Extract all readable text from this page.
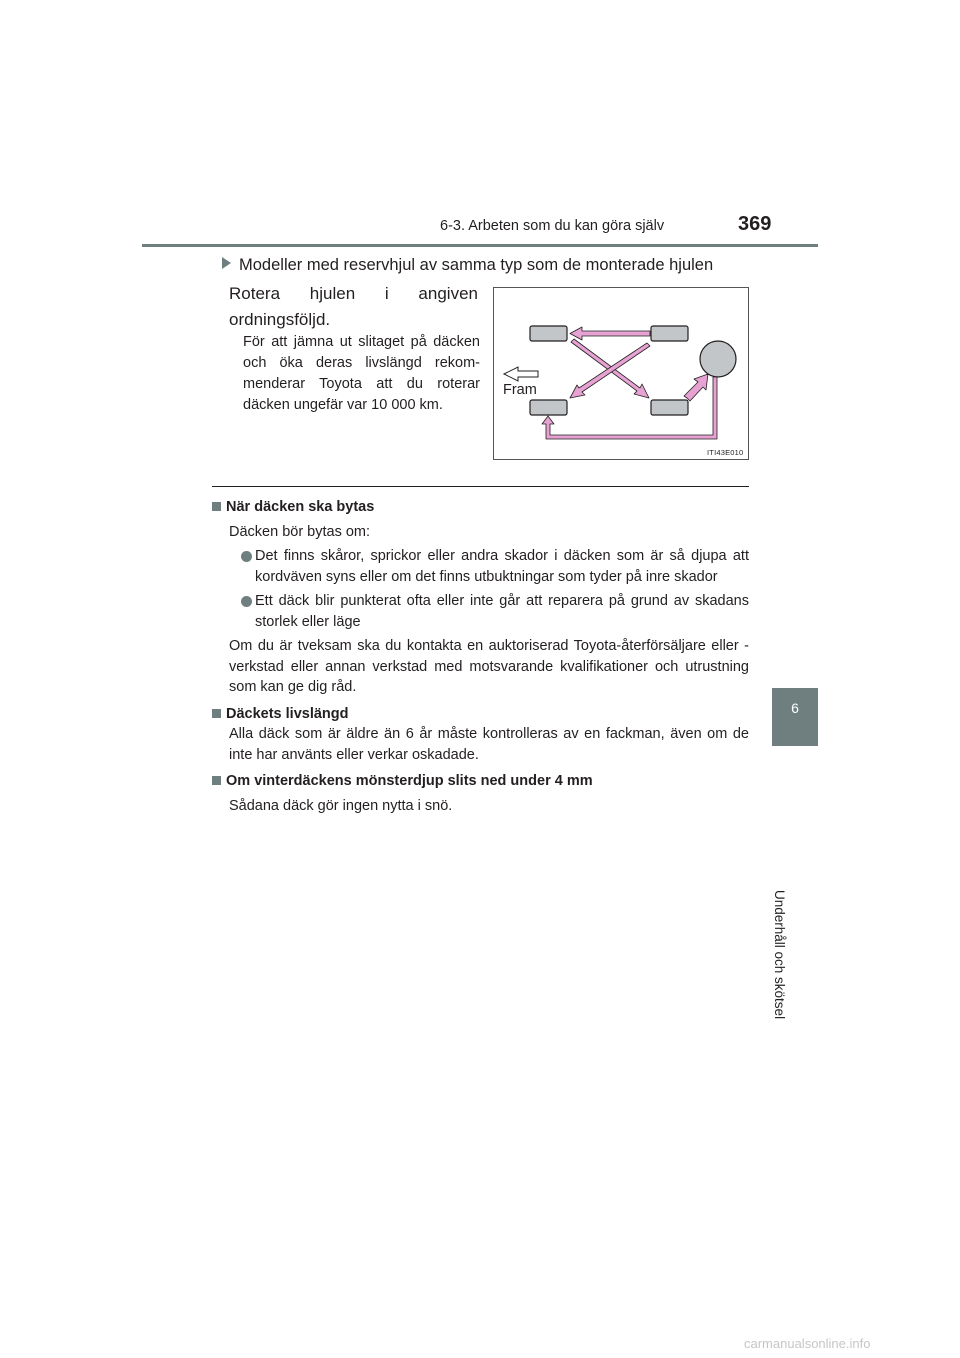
6-3. Arbeten som du kan göra själv	369
6
Underhåll och skötsel
Modeller med reservhjul av samma typ som de monterade hjulen
Rotera hjulen i angiven ordningsföljd.
För att jämna ut slitaget på däcken och öka deras livslängd rekommenderar Toyota att du roterar däcken ungefär var 10 000 km.
Fram
ITI43E010
När däcken ska bytas
Däcken bör bytas om:
Det finns skåror, sprickor eller andra skador i däcken som är så djupa att kordväven syns eller om det finns utbuktningar som tyder på inre skador
Ett däck blir punkterat ofta eller inte går att reparera på grund av skadans storlek eller läge
Om du är tveksam ska du kontakta en auktoriserad Toyota-återförsäljare eller -verkstad eller annan verkstad med motsvarande kvalifikationer och utrustning som kan ge dig råd.
Däckets livslängd
Alla däck som är äldre än 6 år måste kontrolleras av en fackman, även om de inte har använts eller verkar oskadade.
Om vinterdäckens mönsterdjup slits ned under 4 mm
Sådana däck gör ingen nytta i snö.
carmanualsonline.info
